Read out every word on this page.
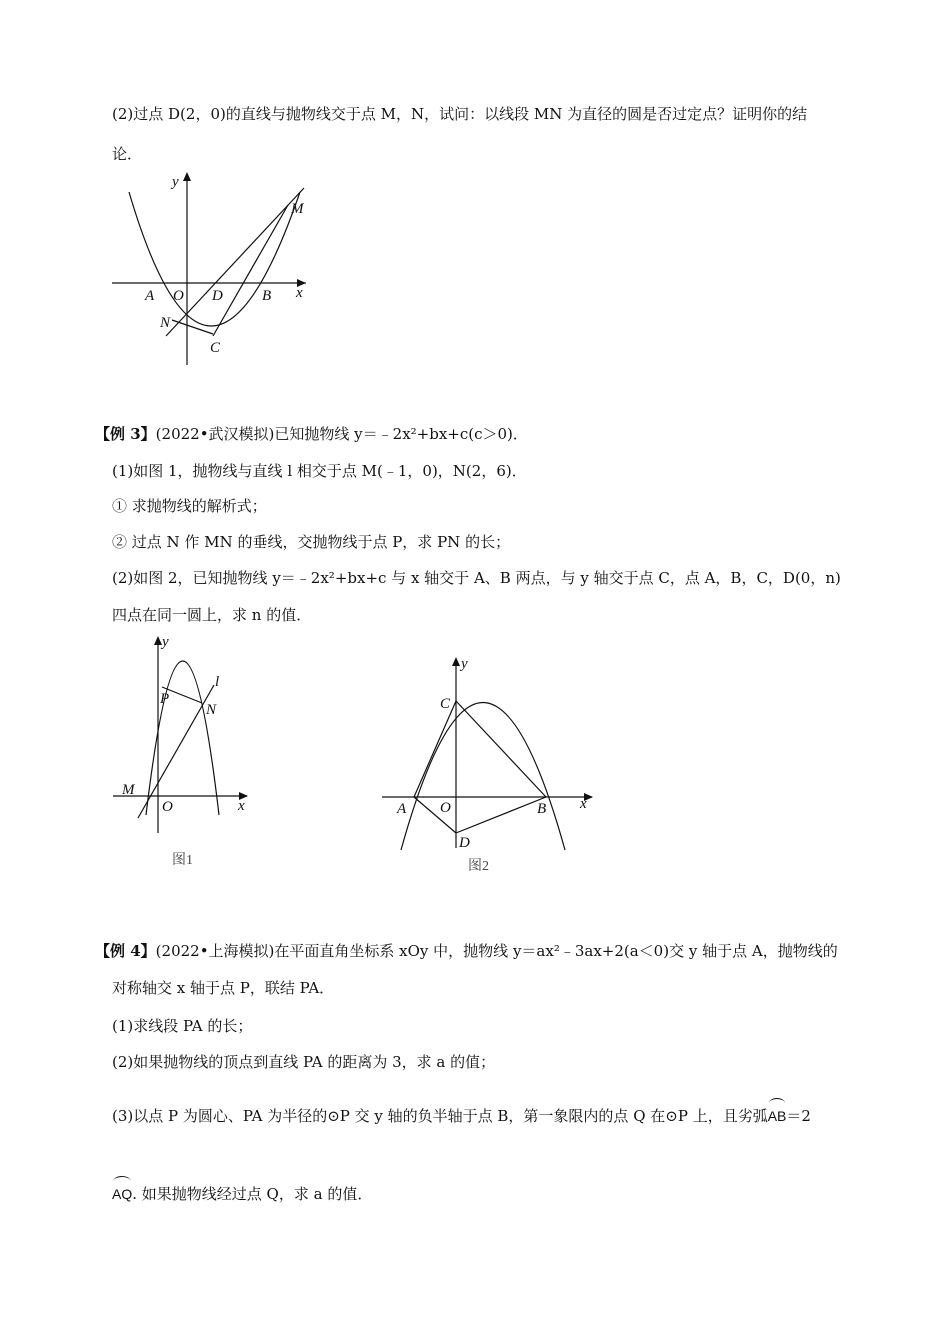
(2)过点 D(2，0)的直线与抛物线交于点 M，N，试问：以线段 MN 为直径的圆是否过定点？证明你的结
论．
y
x
M
A O D	B
N
C
【例 3】(2022•武汉模拟)已知抛物线 y＝﹣2x²+bx+c(c＞0)．
(1)如图 1，抛物线与直线 l 相交于点 M(﹣1，0)，N(2，6)．
① 求抛物线的解析式；
② 过点 N 作 MN 的垂线，交抛物线于点 P，求 PN 的长；
(2)如图 2，已知抛物线 y＝﹣2x²+bx+c 与 x 轴交于 A、B 两点，与 y 轴交于点 C，点 A，B，C，D(0，n)
四点在同一圆上，求 n 的值．
y
l
P
N
M
O	x
图1
y
C
A O	B x
D
图2
【例 4】(2022•上海模拟)在平面直角坐标系 xOy 中，抛物线 y＝ax²﹣3ax+2(a＜0)交 y 轴于点 A，抛物线的
对称轴交 x 轴于点 P，联结 PA．
(1)求线段 PA 的长；
(2)如果抛物线的顶点到直线 PA 的距离为 3，求 a 的值；
(3)以点 P 为圆心、PA 为半径的⊙P 交 y 轴的负半轴于点 B，第一象限内的点 Q 在⊙P 上，且劣弧AB＝2
AQ. 如果抛物线经过点 Q，求 a 的值．
